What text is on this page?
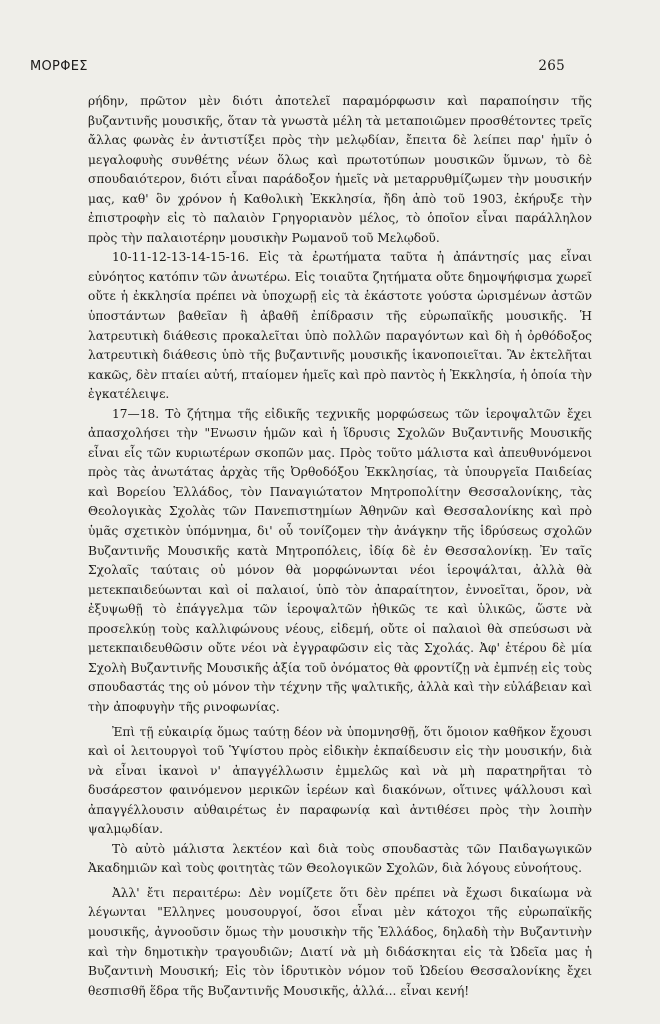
ΜΟΡΦΕΣ	265

ρήδην, πρῶτον μὲν διότι ἀποτελεῖ παραμόρφωσιν καὶ παραποίησιν τῆς βυζαντινῆς μουσικῆς, ὅταν τὰ γνωστὰ μέλη τὰ μεταποιῶμεν προσθέτοντες τρεῖς ἄλλας φωνὰς ἐν ἀντιστίξει πρὸς τὴν μελῳδίαν, ἔπειτα δὲ λείπει παρ' ἡμῖν ὁ μεγαλοφυὴς συνθέτης νέων ὅλως καὶ πρωτοτύπων μουσικῶν ὕμνων, τὸ δὲ σπουδαιότερον, διότι εἶναι παράδοξον ἡμεῖς νὰ μεταρρυθμίζωμεν τὴν μουσικήν μας, καθ' ὃν χρόνον ἡ Καθολικὴ Ἐκκλησία, ἤδη ἀπὸ τοῦ 1903, ἐκήρυξε τὴν ἐπιστροφὴν εἰς τὸ παλαιὸν Γρηγοριανὸν μέλος, τὸ ὁποῖον εἶναι παράλληλον πρὸς τὴν παλαιοτέρην μουσικὴν Ρωμανοῦ τοῦ Μελῳδοῦ.

10-11-12-13-14-15-16. Εἰς τὰ ἐρωτήματα ταῦτα ἡ ἀπάντησίς μας εἶναι εὐνόητος κατόπιν τῶν ἀνωτέρω. Εἰς τοιαῦτα ζητήματα οὔτε δημοψήφισμα χωρεῖ οὔτε ἡ ἐκκλησία πρέπει νὰ ὑποχωρῇ εἰς τὰ ἑκάστοτε γούστα ὡρισμένων ἀστῶν ὑποστάντων βαθεῖαν ἢ ἀβαθῆ ἐπίδρασιν τῆς εὐρωπαϊκῆς μουσικῆς. Ἡ λατρευτικὴ διάθεσις προκαλεῖται ὑπὸ πολλῶν παραγόντων καὶ δὴ ἡ ὀρθόδοξος λατρευτικὴ διάθεσις ὑπὸ τῆς βυζαντινῆς μουσικῆς ἱκανοποιεῖται. Ἂν ἐκτελῆται κακῶς, δὲν πταίει αὐτή, πταίομεν ἡμεῖς καὶ πρὸ παντὸς ἡ Ἐκκλησία, ἡ ὁποία τὴν ἐγκατέλειψε.

17—18. Τὸ ζήτημα τῆς εἰδικῆς τεχνικῆς μορφώσεως τῶν ἱεροψαλτῶν ἔχει ἀπασχολήσει τὴν "Ενωσιν ἡμῶν καὶ ἡ ἵδρυσις Σχολῶν Βυζαντινῆς Μουσικῆς εἶναι εἷς τῶν κυριωτέρων σκοπῶν μας. Πρὸς τοῦτο μάλιστα καὶ ἀπευθυνόμενοι πρὸς τὰς ἀνωτάτας ἀρχὰς τῆς Ὀρθοδόξου Ἐκκλησίας, τὰ ὑπουργεῖα Παιδείας καὶ Βορείου Ἑλλάδος, τὸν Παναγιώτατον Μητροπολίτην Θεσσαλονίκης, τὰς Θεολογικὰς Σχολὰς τῶν Πανεπιστημίων Ἀθηνῶν καὶ Θεσσαλονίκης καὶ πρὸ ὑμᾶς σχετικὸν ὑπόμνημα, δι' οὗ τονίζομεν τὴν ἀνάγκην τῆς ἱδρύσεως σχολῶν Βυζαντινῆς Μουσικῆς κατὰ Μητροπόλεις, ἰδίᾳ δὲ ἐν Θεσσαλονίκῃ. Ἐν ταῖς Σχολαῖς ταύταις οὐ μόνον θὰ μορφώνωνται νέοι ἱεροψάλται, ἀλλὰ θὰ μετεκπαιδεύωνται καὶ οἱ παλαιοί, ὑπὸ τὸν ἀπαραίτητον, ἐννοεῖται, ὅρον, νὰ ἐξυψωθῇ τὸ ἐπάγγελμα τῶν ἱεροψαλτῶν ἠθικῶς τε καὶ ὑλικῶς, ὥστε νὰ προσελκύῃ τοὺς καλλιφώνους νέους, εἰδεμή, οὔτε οἱ παλαιοὶ θὰ σπεύσωσι νὰ μετεκπαιδευθῶσιν οὔτε νέοι νὰ ἐγγραφῶσιν εἰς τὰς Σχολάς. Ἀφ' ἑτέρου δὲ μία Σχολὴ Βυζαντινῆς Μουσικῆς ἀξία τοῦ ὀνόματος θὰ φροντίζῃ νὰ ἐμπνέῃ εἰς τοὺς σπουδαστάς της οὐ μόνον τὴν τέχνην τῆς ψαλτικῆς, ἀλλὰ καὶ τὴν εὐλάβειαν καὶ τὴν ἀποφυγὴν τῆς ρινοφωνίας.

Ἐπὶ τῇ εὐκαιρίᾳ ὅμως ταύτῃ δέον νὰ ὑπομνησθῇ, ὅτι ὅμοιον καθῆκον ἔχουσι καὶ οἱ λειτουργοὶ τοῦ Ὑψίστου πρὸς εἰδικὴν ἐκπαίδευσιν εἰς τὴν μουσικήν, διὰ νὰ εἶναι ἱκανοὶ ν' ἀπαγγέλλωσιν ἐμμελῶς καὶ νὰ μὴ παρατηρῆται τὸ δυσάρεστον φαινόμενον μερικῶν ἱερέων καὶ διακόνων, οἵτινες ψάλλουσι καὶ ἀπαγγέλλουσιν αὐθαιρέτως ἐν παραφωνίᾳ καὶ ἀντιθέσει πρὸς τὴν λοιπὴν ψαλμῳδίαν.

Τὸ αὐτὸ μάλιστα λεκτέον καὶ διὰ τοὺς σπουδαστὰς τῶν Παιδαγωγικῶν Ἀκαδημιῶν καὶ τοὺς φοιτητὰς τῶν Θεολογικῶν Σχολῶν, διὰ λόγους εὐνοήτους.

Ἀλλ' ἔτι περαιτέρω: Δὲν νομίζετε ὅτι δὲν πρέπει νὰ ἔχωσι δικαίωμα νὰ λέγωνται "Ελληνες μουσουργοί, ὅσοι εἶναι μὲν κάτοχοι τῆς εὐρωπαϊκῆς μουσικῆς, ἀγνοοῦσιν ὅμως τὴν μουσικὴν τῆς Ἑλλάδος, δηλαδὴ τὴν Βυζαντινὴν καὶ τὴν δημοτικὴν τραγουδιῶν; Διατί νὰ μὴ διδάσκηται εἰς τὰ Ὠδεῖα μας ἡ Βυζαντινὴ Μουσική; Εἰς τὸν ἱδρυτικὸν νόμον τοῦ Ὠδείου Θεσσαλονίκης ἔχει θεσπισθῆ ἕδρα τῆς Βυζαντινῆς Μουσικῆς, ἀλλά... εἶναι κενή!
